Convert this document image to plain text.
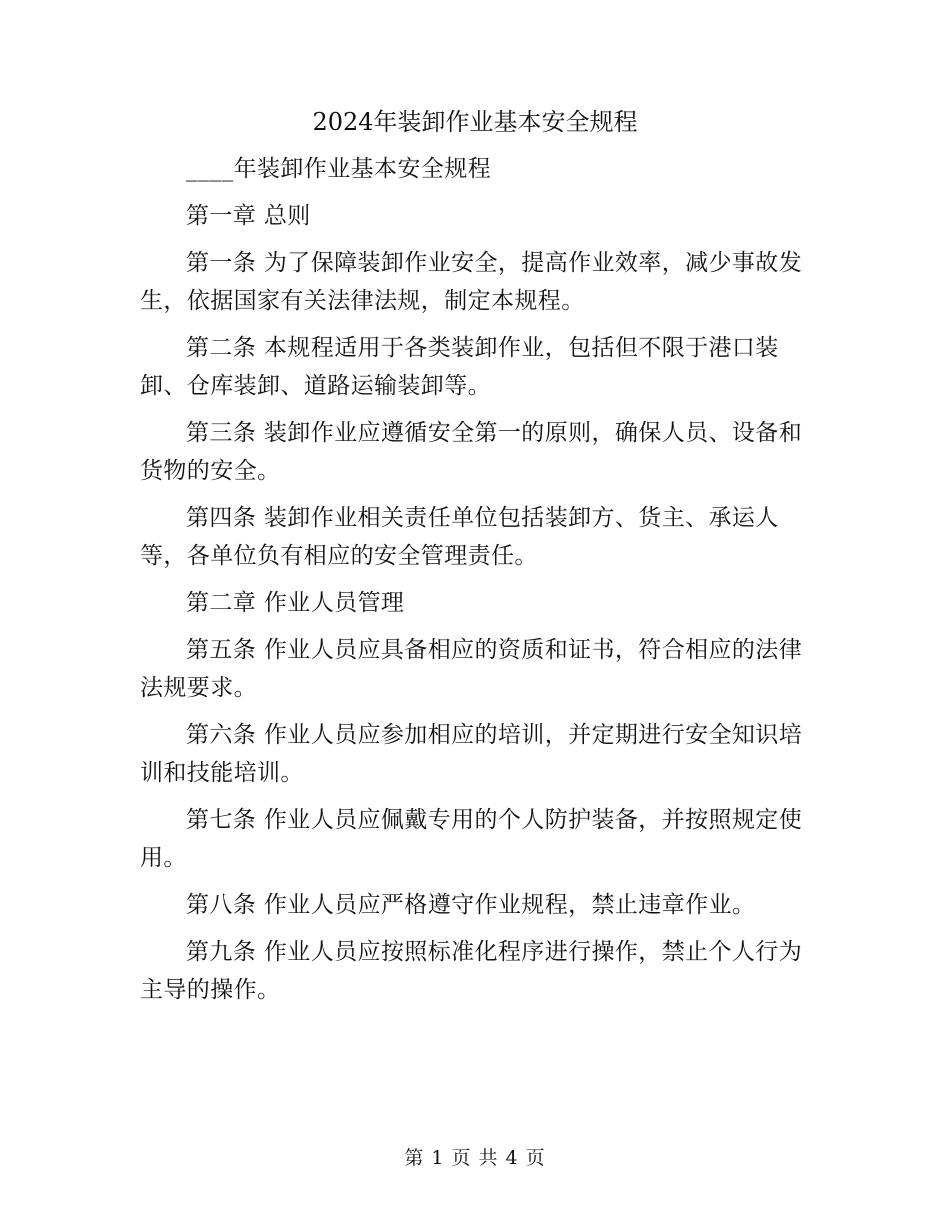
2024年装卸作业基本安全规程

____年装卸作业基本安全规程

第一章 总则

第一条 为了保障装卸作业安全，提高作业效率，减少事故发生，依据国家有关法律法规，制定本规程。

第二条 本规程适用于各类装卸作业，包括但不限于港口装卸、仓库装卸、道路运输装卸等。

第三条 装卸作业应遵循安全第一的原则，确保人员、设备和货物的安全。

第四条 装卸作业相关责任单位包括装卸方、货主、承运人等，各单位负有相应的安全管理责任。

第二章 作业人员管理

第五条 作业人员应具备相应的资质和证书，符合相应的法律法规要求。

第六条 作业人员应参加相应的培训，并定期进行安全知识培训和技能培训。

第七条 作业人员应佩戴专用的个人防护装备，并按照规定使用。

第八条 作业人员应严格遵守作业规程，禁止违章作业。

第九条 作业人员应按照标准化程序进行操作，禁止个人行为主导的操作。

第 1 页 共 4 页
